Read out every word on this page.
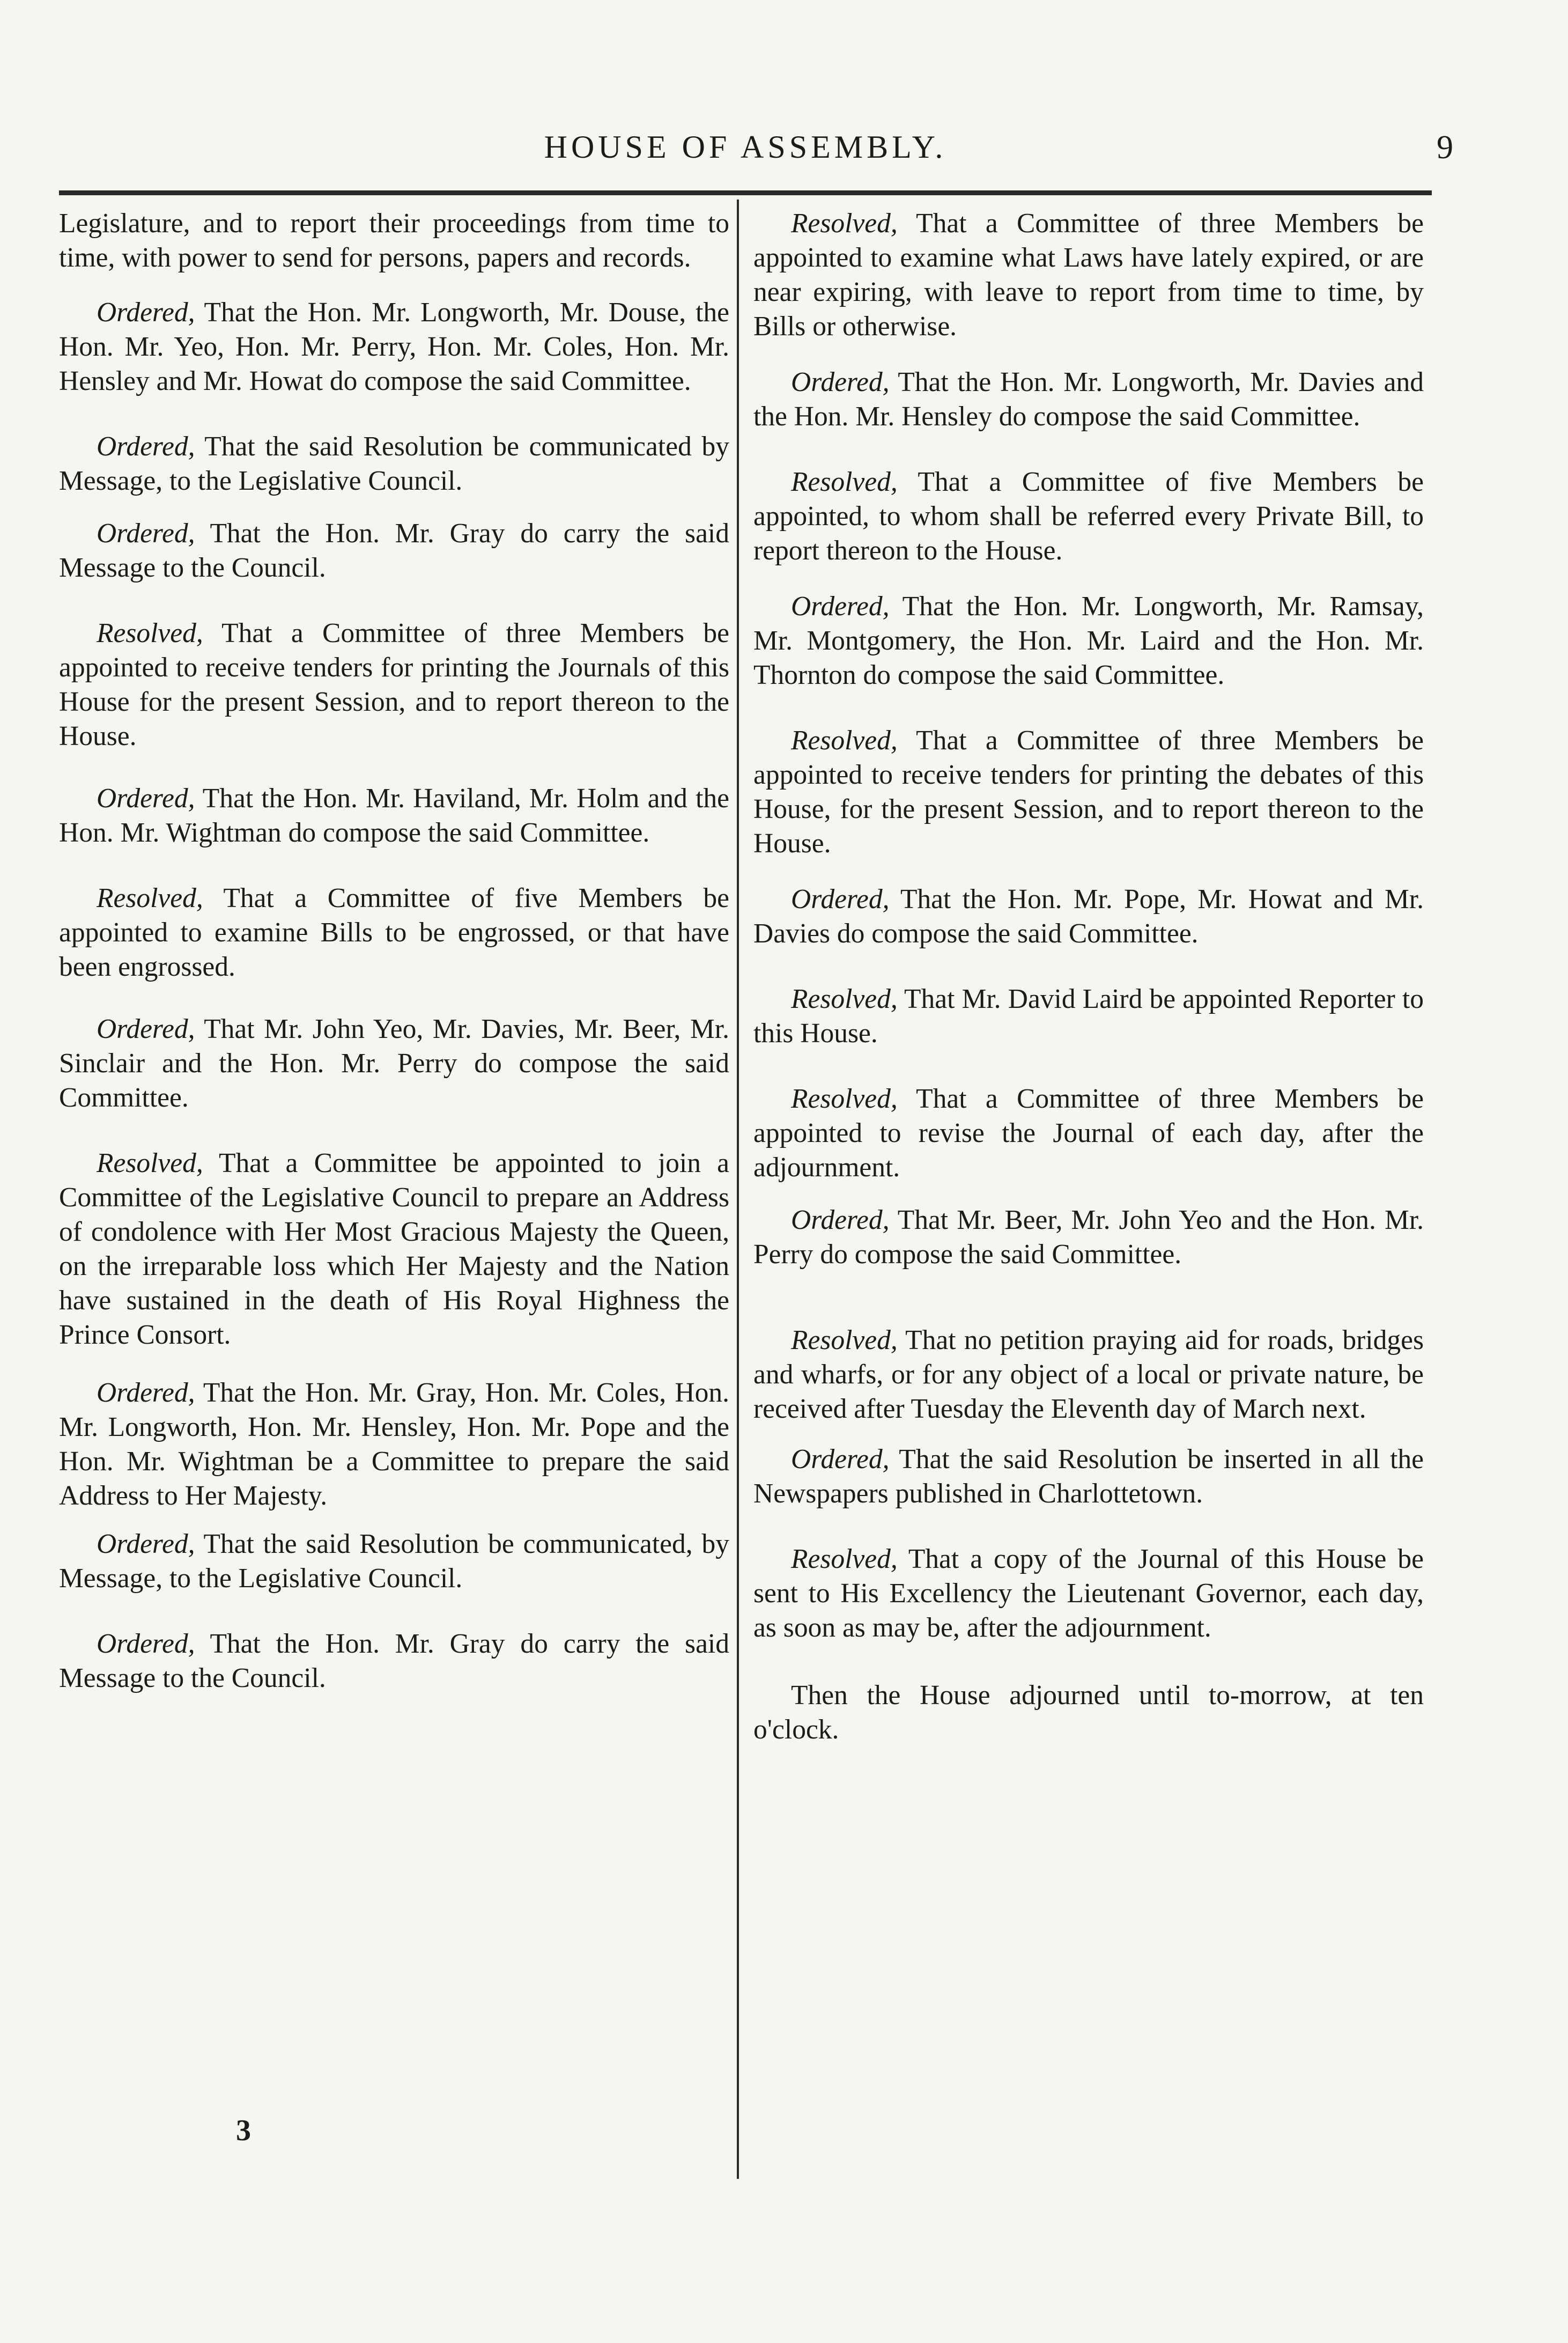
HOUSE OF ASSEMBLY.	9

Legislature, and to report their proceedings from time to time, with power to send for persons, papers and records.

Ordered, That the Hon. Mr. Longworth, Mr. Douse, the Hon. Mr. Yeo, Hon. Mr. Perry, Hon. Mr. Coles, Hon. Mr. Hensley and Mr. Howat do compose the said Committee.

Ordered, That the said Resolution be communicated by Message, to the Legislative Council.

Ordered, That the Hon. Mr. Gray do carry the said Message to the Council.

Resolved, That a Committee of three Members be appointed to receive tenders for printing the Journals of this House for the present Session, and to report thereon to the House.

Ordered, That the Hon. Mr. Haviland, Mr. Holm and the Hon. Mr. Wightman do compose the said Committee.

Resolved, That a Committee of five Members be appointed to examine Bills to be engrossed, or that have been engrossed.

Ordered, That Mr. John Yeo, Mr. Davies, Mr. Beer, Mr. Sinclair and the Hon. Mr. Perry do compose the said Committee.

Resolved, That a Committee be appointed to join a Committee of the Legislative Council to prepare an Address of condolence with Her Most Gracious Majesty the Queen, on the irreparable loss which Her Majesty and the Nation have sustained in the death of His Royal Highness the Prince Consort.

Ordered, That the Hon. Mr. Gray, Hon. Mr. Coles, Hon. Mr. Longworth, Hon. Mr. Hensley, Hon. Mr. Pope and the Hon. Mr. Wightman be a Committee to prepare the said Address to Her Majesty.

Ordered, That the said Resolution be communicated, by Message, to the Legislative Council.

Ordered, That the Hon. Mr. Gray do carry the said Message to the Council.

Resolved, That a Committee of three Members be appointed to examine what Laws have lately expired, or are near expiring, with leave to report from time to time, by Bills or otherwise.

Ordered, That the Hon. Mr. Longworth, Mr. Davies and the Hon. Mr. Hensley do compose the said Committee.

Resolved, That a Committee of five Members be appointed, to whom shall be referred every Private Bill, to report thereon to the House.

Ordered, That the Hon. Mr. Longworth, Mr. Ramsay, Mr. Montgomery, the Hon. Mr. Laird and the Hon. Mr. Thornton do compose the said Committee.

Resolved, That a Committee of three Members be appointed to receive tenders for printing the debates of this House, for the present Session, and to report thereon to the House.

Ordered, That the Hon. Mr. Pope, Mr. Howat and Mr. Davies do compose the said Committee.

Resolved, That Mr. David Laird be appointed Reporter to this House.

Resolved, That a Committee of three Members be appointed to revise the Journal of each day, after the adjournment.

Ordered, That Mr. Beer, Mr. John Yeo and the Hon. Mr. Perry do compose the said Committee.

Resolved, That no petition praying aid for roads, bridges and wharfs, or for any object of a local or private nature, be received after Tuesday the Eleventh day of March next.

Ordered, That the said Resolution be inserted in all the Newspapers published in Charlottetown.

Resolved, That a copy of the Journal of this House be sent to His Excellency the Lieutenant Governor, each day, as soon as may be, after the adjournment.

Then the House adjourned until to-morrow, at ten o'clock.

3
